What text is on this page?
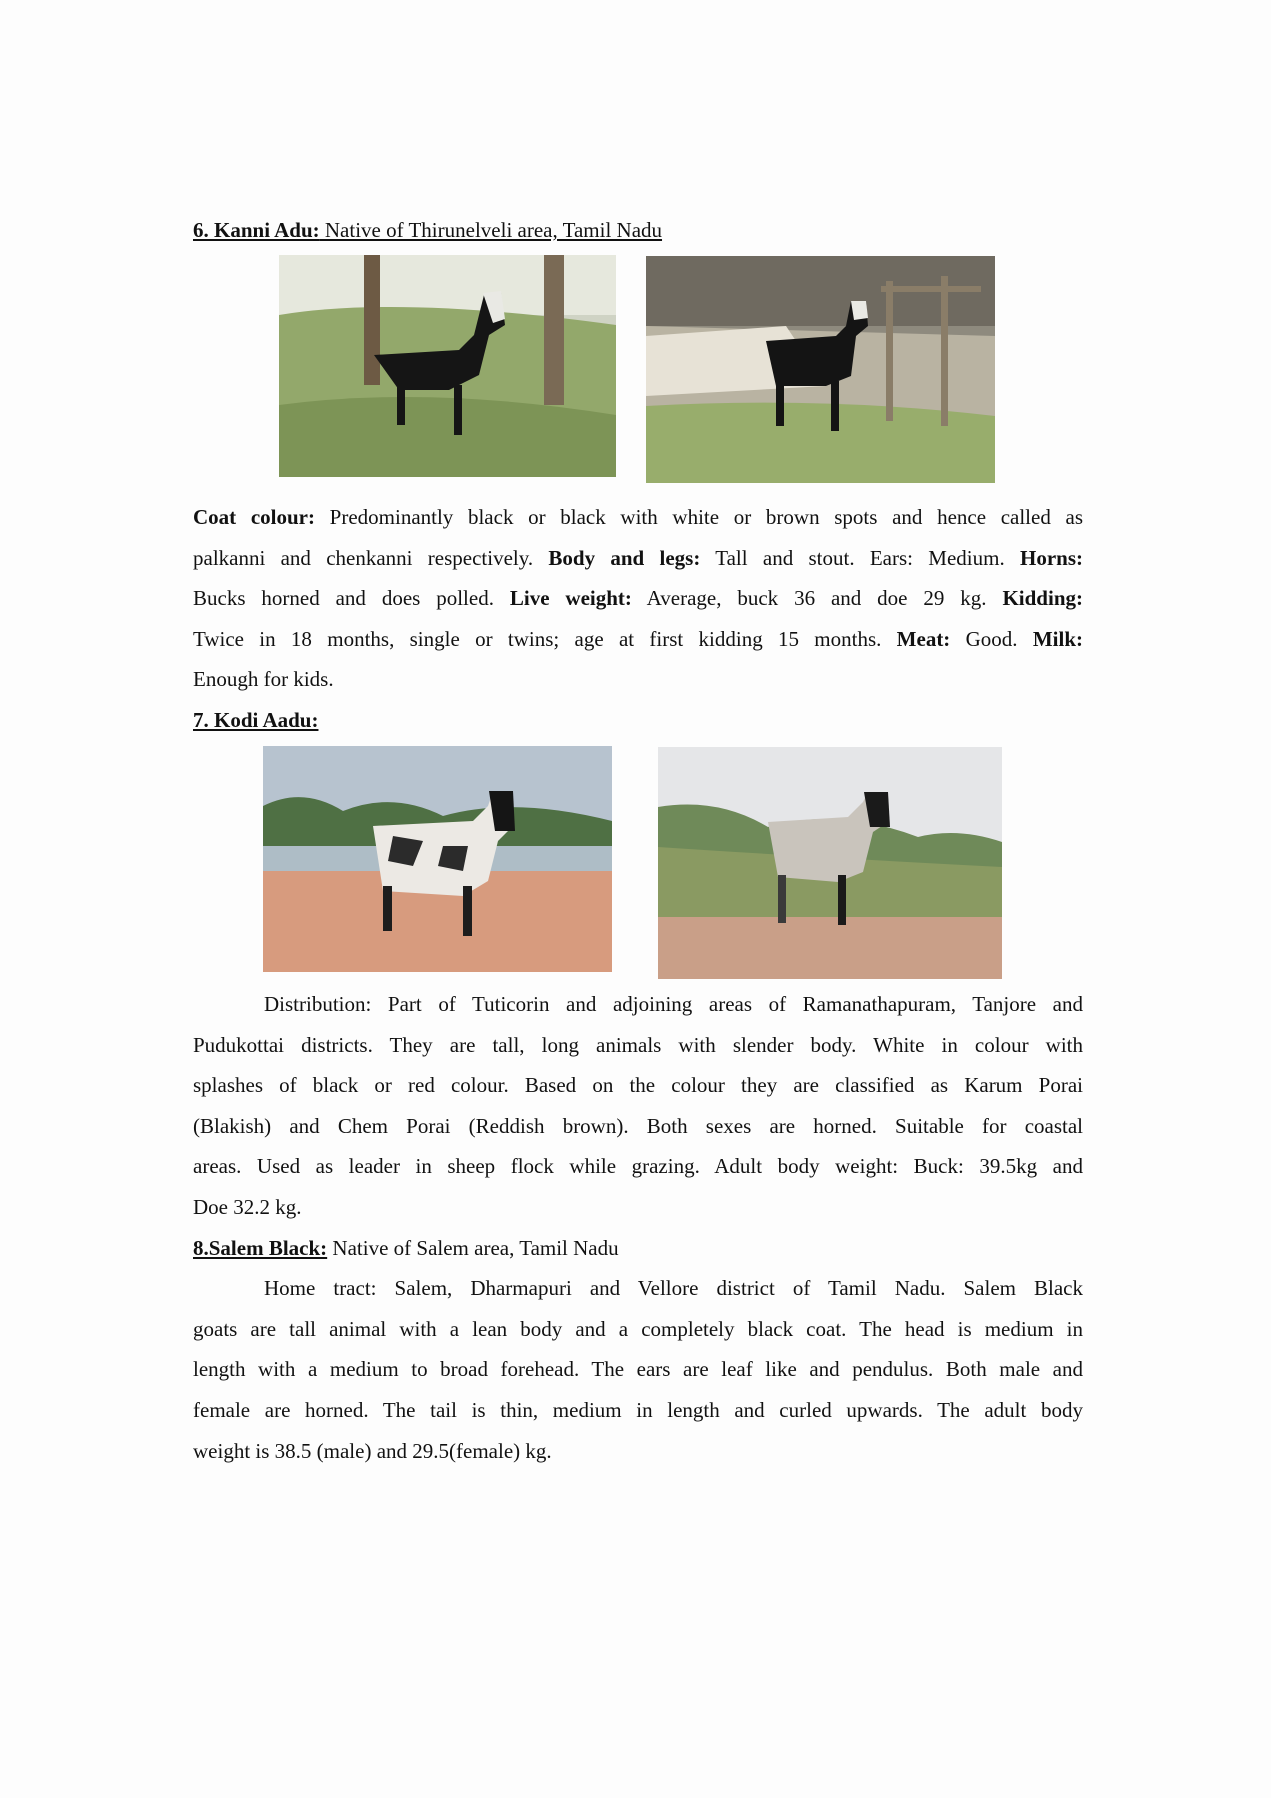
6. Kanni Adu: Native of Thirunelveli area, Tamil Nadu
Coat colour: Predominantly black or black with white or brown spots and hence called as
palkanni and chenkanni respectively. Body and legs: Tall and stout. Ears: Medium. Horns:
Bucks horned and does polled. Live weight: Average, buck 36 and doe 29 kg. Kidding:
Twice in 18 months, single or twins; age at first kidding 15 months. Meat: Good. Milk:
Enough for kids.
7. Kodi Aadu:
Distribution: Part of Tuticorin and adjoining areas of Ramanathapuram, Tanjore and
Pudukottai districts. They are tall, long animals with slender body. White in colour with
splashes of black or red colour. Based on the colour they are classified as Karum Porai
(Blakish) and Chem Porai (Reddish brown). Both sexes are horned. Suitable for coastal
areas. Used as leader in sheep flock while grazing. Adult body weight: Buck: 39.5kg and
Doe 32.2 kg.
8.Salem Black: Native of Salem area, Tamil Nadu
Home tract: Salem, Dharmapuri and Vellore district of Tamil Nadu. Salem Black
goats are tall animal with a lean body and a completely black coat. The head is medium in
length with a medium to broad forehead. The ears are leaf like and pendulus. Both male and
female are horned. The tail is thin, medium in length and curled upwards. The adult body
weight is 38.5 (male) and 29.5(female) kg.
